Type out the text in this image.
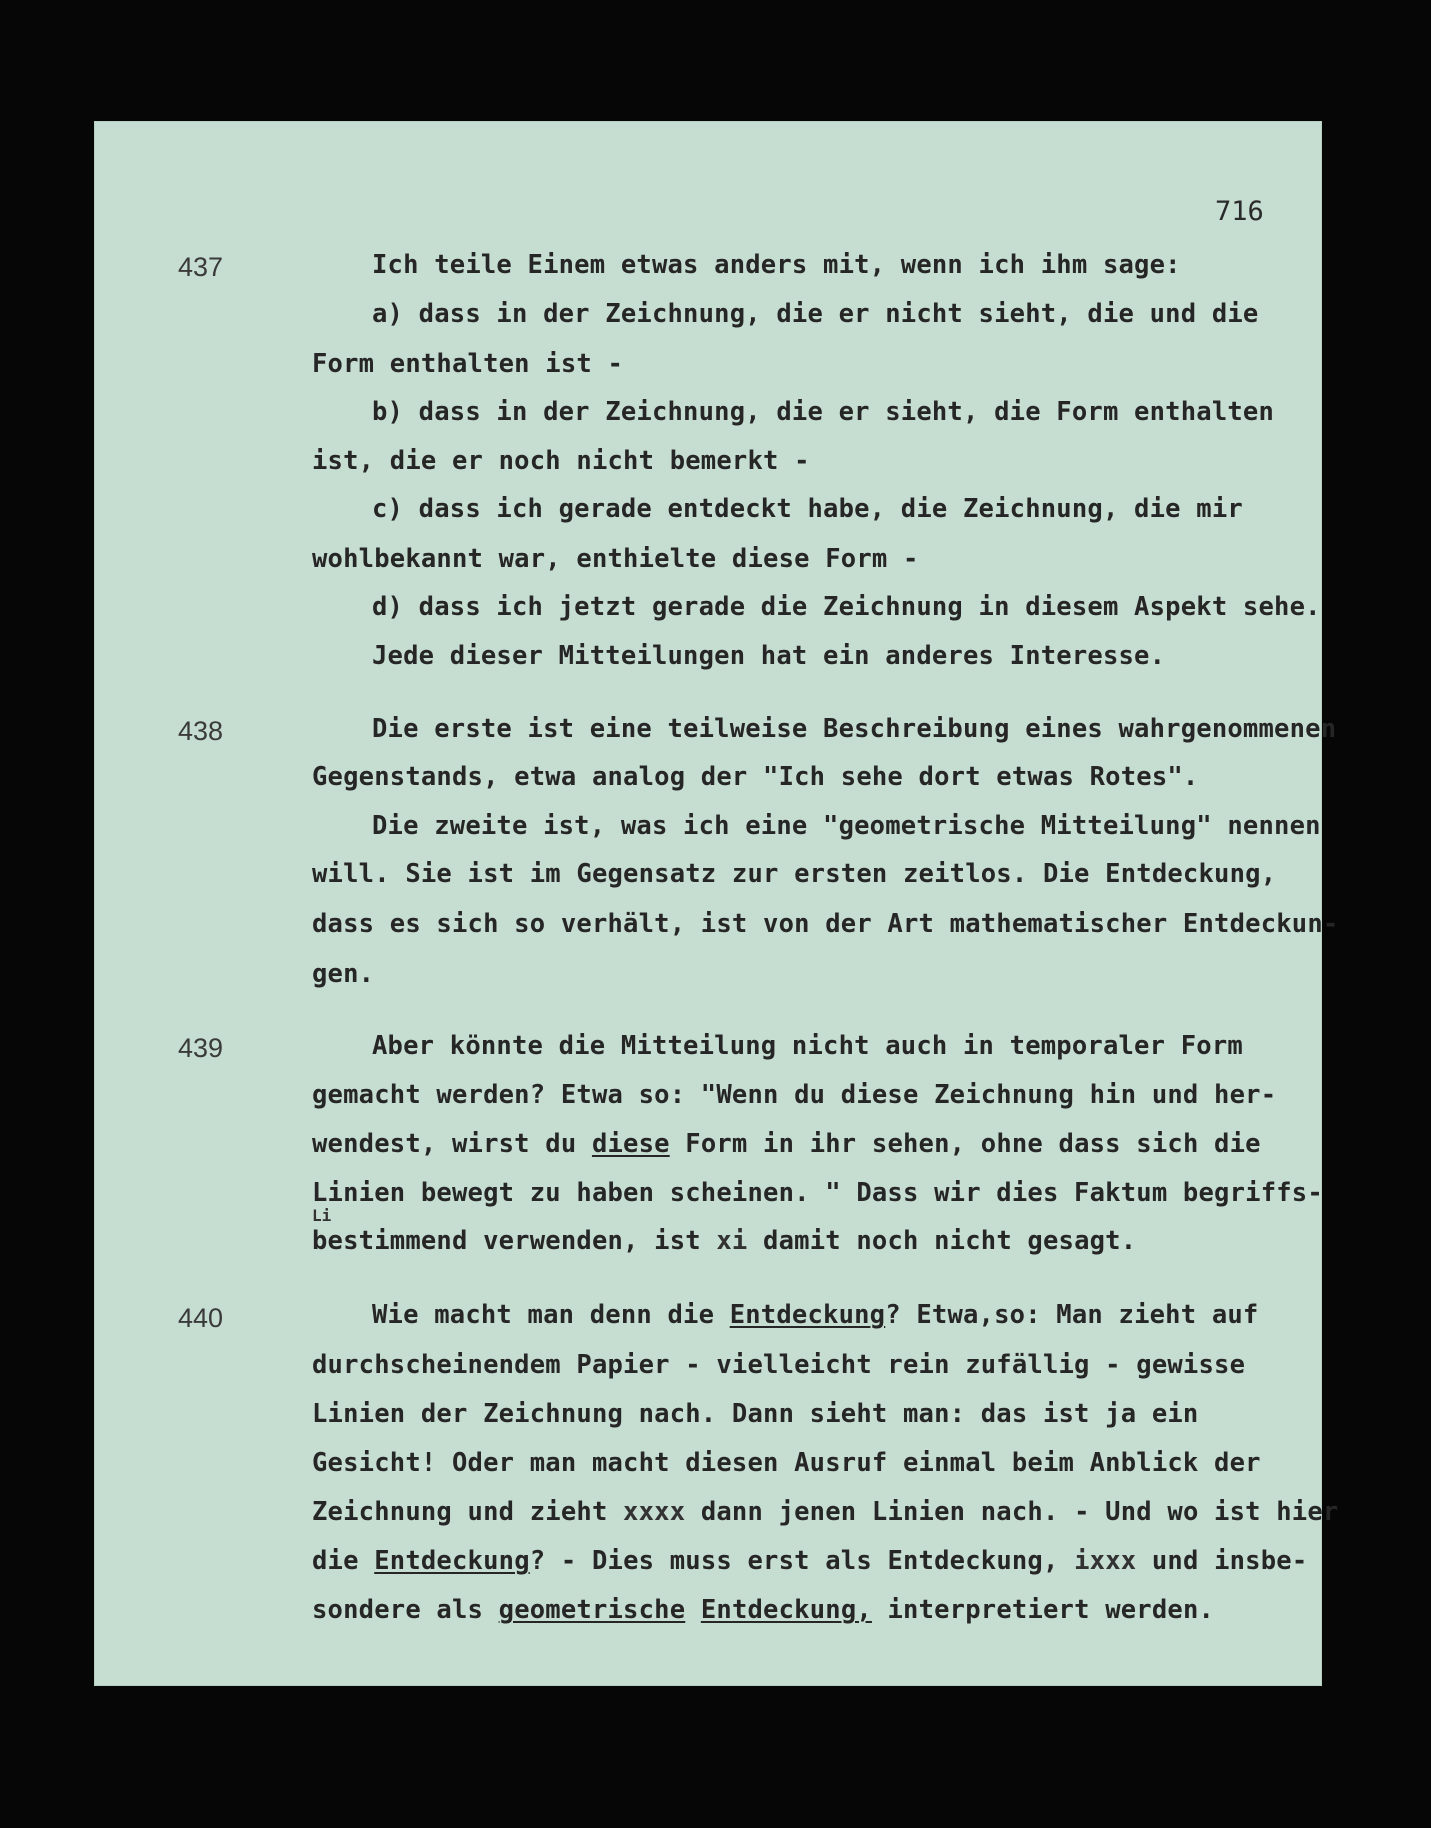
716
437	Ich teile Einem etwas anders mit, wenn ich ihm sage:
a) dass in der Zeichnung, die er nicht sieht, die und die
Form enthalten ist -
b) dass in der Zeichnung, die er sieht, die Form enthalten
ist, die er noch nicht bemerkt -
c) dass ich gerade entdeckt habe, die Zeichnung, die mir
wohlbekannt war, enthielte diese Form -
d) dass ich jetzt gerade die Zeichnung in diesem Aspekt sehe.
Jede dieser Mitteilungen hat ein anderes Interesse.
438	Die erste ist eine teilweise Beschreibung eines wahrgenommenen
Gegenstands, etwa analog der "Ich sehe dort etwas Rotes".
Die zweite ist, was ich eine "geometrische Mitteilung" nennen
will. Sie ist im Gegensatz zur ersten zeitlos. Die Entdeckung,
dass es sich so verhält, ist von der Art mathematischer Entdeckun-
gen.
439	Aber könnte die Mitteilung nicht auch in temporaler Form
gemacht werden? Etwa so: "Wenn du diese Zeichnung hin und her-
wendest, wirst du diese Form in ihr sehen, ohne dass sich die
Linien bewegt zu haben scheinen. " Dass wir dies Faktum begriffs-
Li
bestimmend verwenden, ist xi damit noch nicht gesagt.
440	Wie macht man denn die Entdeckung? Etwa,so: Man zieht auf
durchscheinendem Papier - vielleicht rein zufällig - gewisse
Linien der Zeichnung nach. Dann sieht man: das ist ja ein
Gesicht! Oder man macht diesen Ausruf einmal beim Anblick der
Zeichnung und zieht xxxx dann jenen Linien nach. - Und wo ist hier
die Entdeckung? - Dies muss erst als Entdeckung, ixxx und insbe-
sondere als geometrische Entdeckung, interpretiert werden.
